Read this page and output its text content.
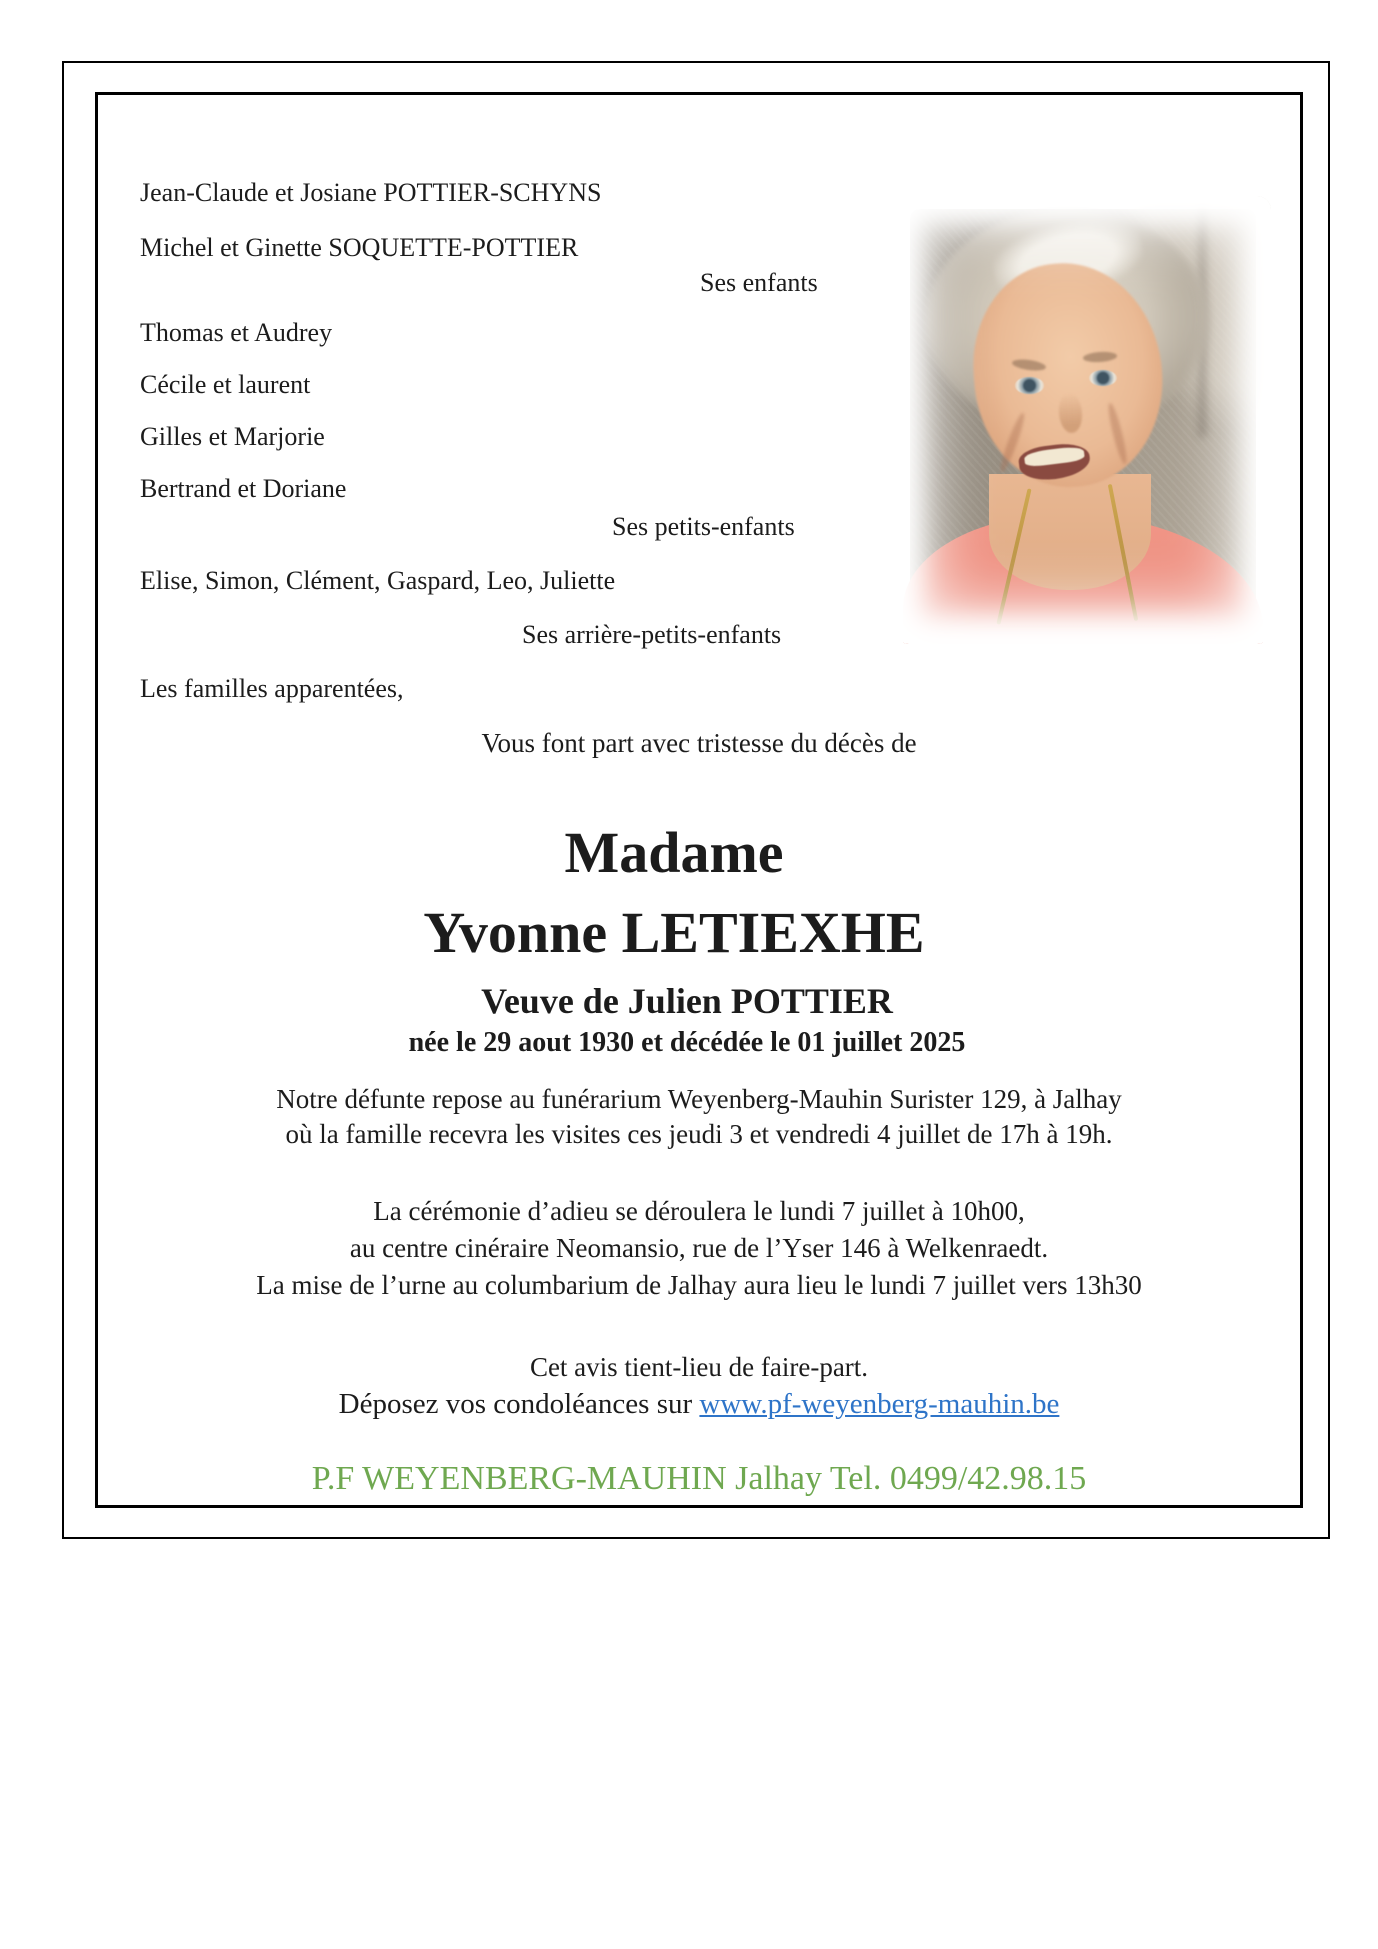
Jean-Claude et Josiane POTTIER-SCHYNS
Michel et Ginette SOQUETTE-POTTIER
Ses enfants
Thomas et Audrey
Cécile et laurent
Gilles et Marjorie
Bertrand et Doriane
Ses petits-enfants
Elise, Simon, Clément, Gaspard, Leo, Juliette
Ses arrière-petits-enfants
Les familles apparentées,
Vous font part avec tristesse du décès de
Madame
Yvonne LETIEXHE
Veuve de Julien POTTIER
née le 29 aout 1930 et décédée le 01 juillet 2025
Notre défunte repose au funérarium Weyenberg-Mauhin Surister 129, à Jalhay
où la famille recevra les visites ces jeudi 3 et vendredi 4 juillet de 17h à 19h.
La cérémonie d’adieu se déroulera le lundi 7 juillet à 10h00,
au centre cinéraire Neomansio, rue de l’Yser 146 à Welkenraedt.
La mise de l’urne au columbarium de Jalhay aura lieu le lundi 7 juillet vers 13h30
Cet avis tient-lieu de faire-part.
Déposez vos condoléances sur www.pf-weyenberg-mauhin.be
P.F WEYENBERG-MAUHIN Jalhay Tel. 0499/42.98.15
